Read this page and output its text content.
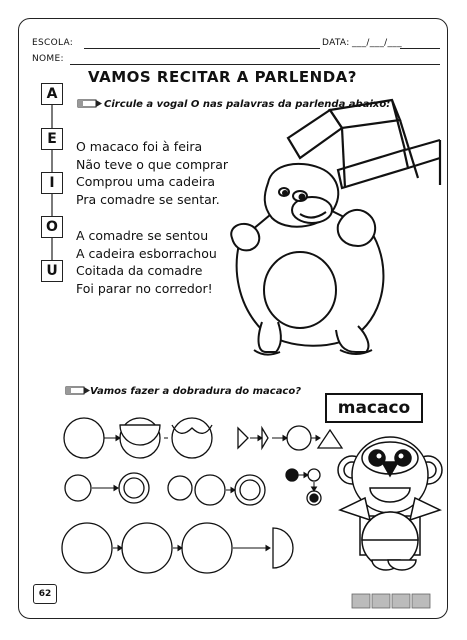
ESCOLA:	DATA: ___/___/___
NOME:
VAMOS RECITAR A PARLENDA?
A
E
I
O
U
Circule a vogal O nas palavras da parlenda abaixo:
O macaco foi à feira
Não teve o que comprar
Comprou uma cadeira
Pra comadre se sentar.
A comadre se sentou
A cadeira esborrachou
Coitada da comadre
Foi parar no corredor!
Vamos fazer a dobradura do macaco?
macaco
62
